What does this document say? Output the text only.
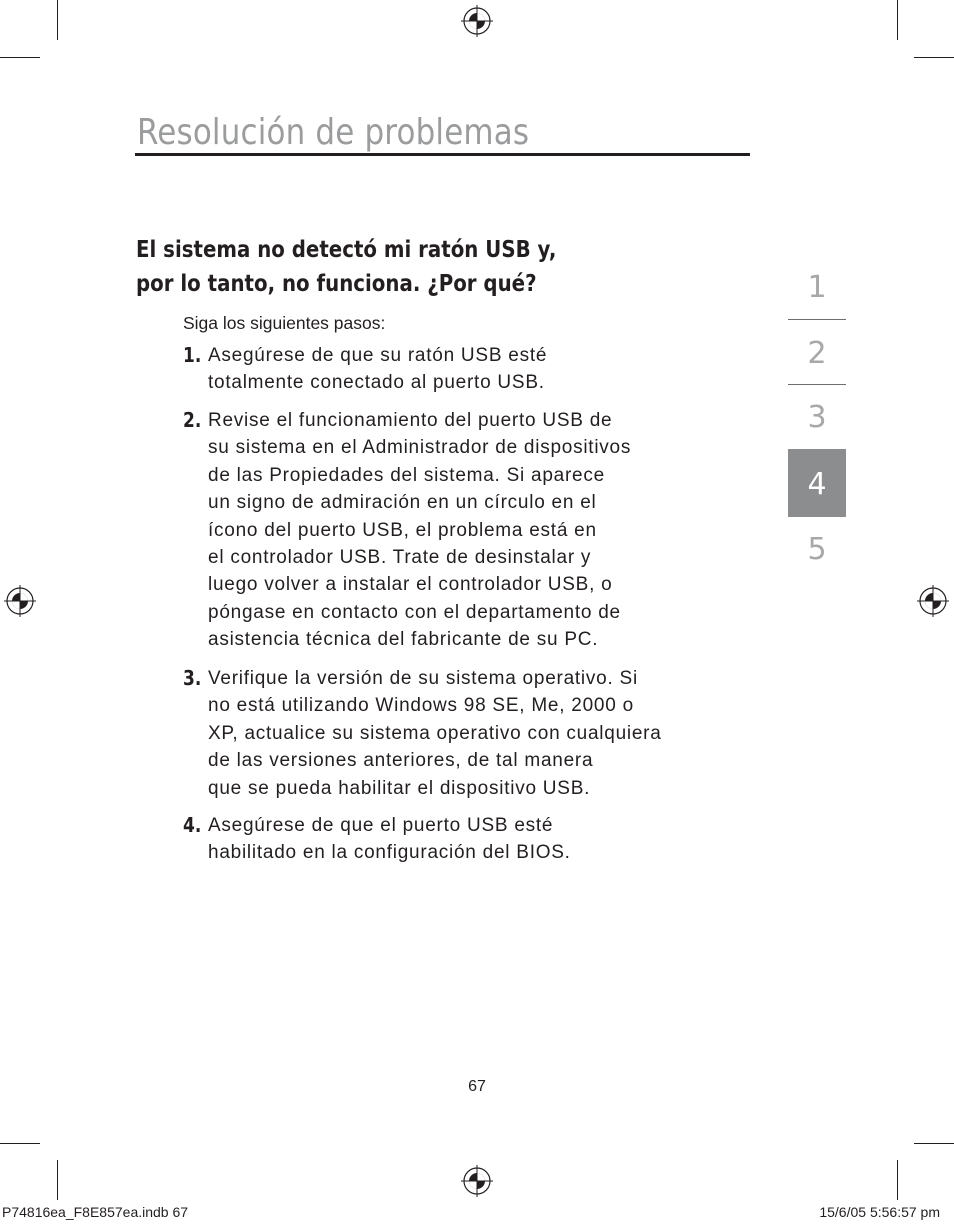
Resolución de problemas
El sistema no detectó mi ratón USB y,
por lo tanto, no funciona. ¿Por qué?
Siga los siguientes pasos:
1. Asegúrese de que su ratón USB esté
totalmente conectado al puerto USB.

2. Revise el funcionamiento del puerto USB de
su sistema en el Administrador de dispositivos
de las Propiedades del sistema. Si aparece
un signo de admiración en un círculo en el
ícono del puerto USB, el problema está en
el controlador USB. Trate de desinstalar y
luego volver a instalar el controlador USB, o
póngase en contacto con el departamento de
asistencia técnica del fabricante de su PC.

3. Verifique la versión de su sistema operativo. Si
no está utilizando Windows 98 SE, Me, 2000 o
XP, actualice su sistema operativo con cualquiera
de las versiones anteriores, de tal manera
que se pueda habilitar el dispositivo USB.

4. Asegúrese de que el puerto USB esté
habilitado en la configuración del BIOS.

1
2
3
4
5
67
P74816ea_F8E857ea.indb 67	15/6/05 5:56:57 pm
